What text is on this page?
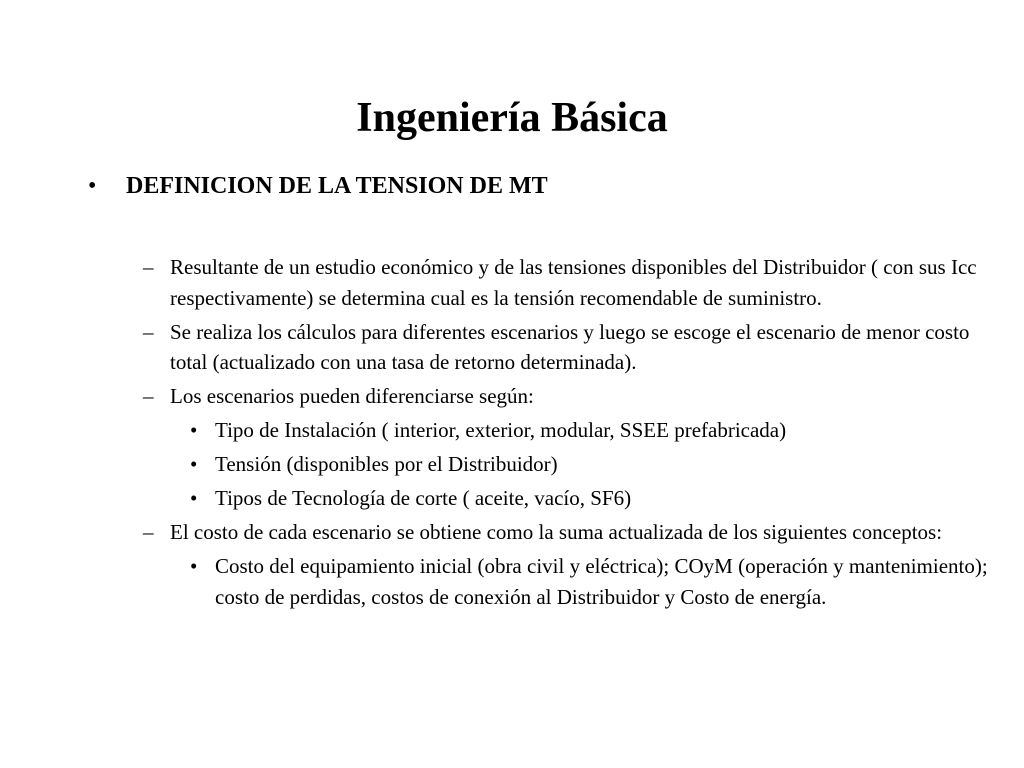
Ingeniería Básica
• DEFINICION DE LA TENSION DE MT
– Resultante de un estudio económico y de las tensiones disponibles del Distribuidor ( con sus Icc respectivamente) se determina cual es la tensión recomendable de suministro.
– Se realiza los cálculos para diferentes escenarios y luego se escoge el escenario de menor costo total (actualizado con una tasa de retorno determinada).
– Los escenarios pueden diferenciarse según:
• Tipo de Instalación ( interior, exterior, modular, SSEE prefabricada)
• Tensión (disponibles por el Distribuidor)
• Tipos de Tecnología de corte ( aceite, vacío, SF6)
– El costo de cada escenario se obtiene como la suma actualizada de los siguientes conceptos:
• Costo del equipamiento inicial (obra civil y eléctrica); COyM (operación y mantenimiento); costo de perdidas, costos de conexión al Distribuidor y Costo de energía.
